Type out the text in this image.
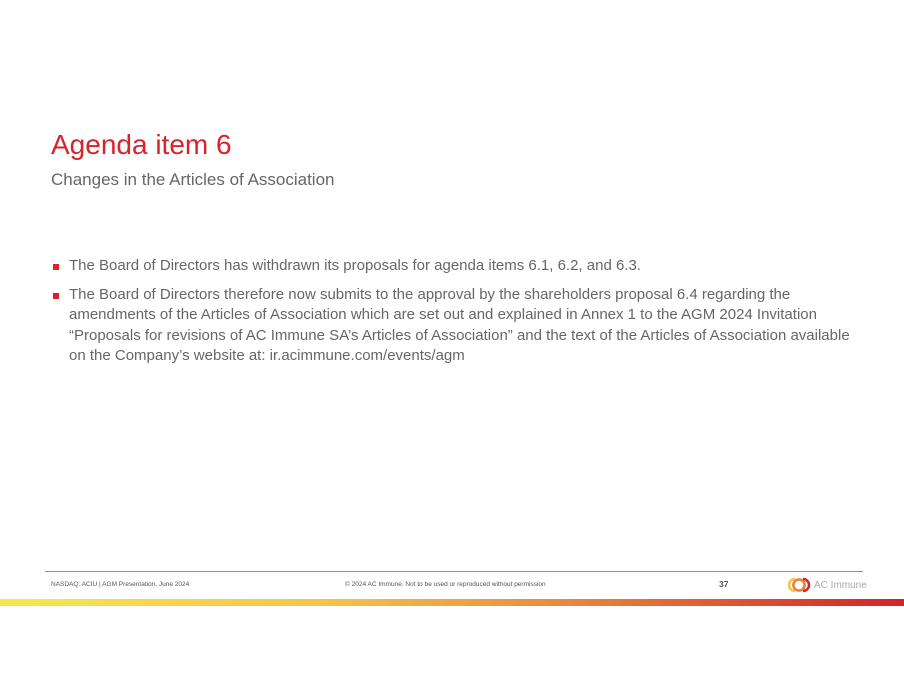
Agenda item 6
Changes in the Articles of Association
The Board of Directors has withdrawn its proposals for agenda items 6.1, 6.2, and 6.3.
The Board of Directors therefore now submits to the approval by the shareholders proposal 6.4 regarding the amendments of the Articles of Association which are set out and explained in Annex 1 to the AGM 2024 Invitation “Proposals for revisions of AC Immune SA’s Articles of Association” and the text of the Articles of Association available on the Company’s website at: ir.acimmune.com/events/agm
NASDAQ: ACIU | AGM Presentation, June 2024	© 2024 AC Immune. Not to be used or reproduced without permission	37	AC Immune
